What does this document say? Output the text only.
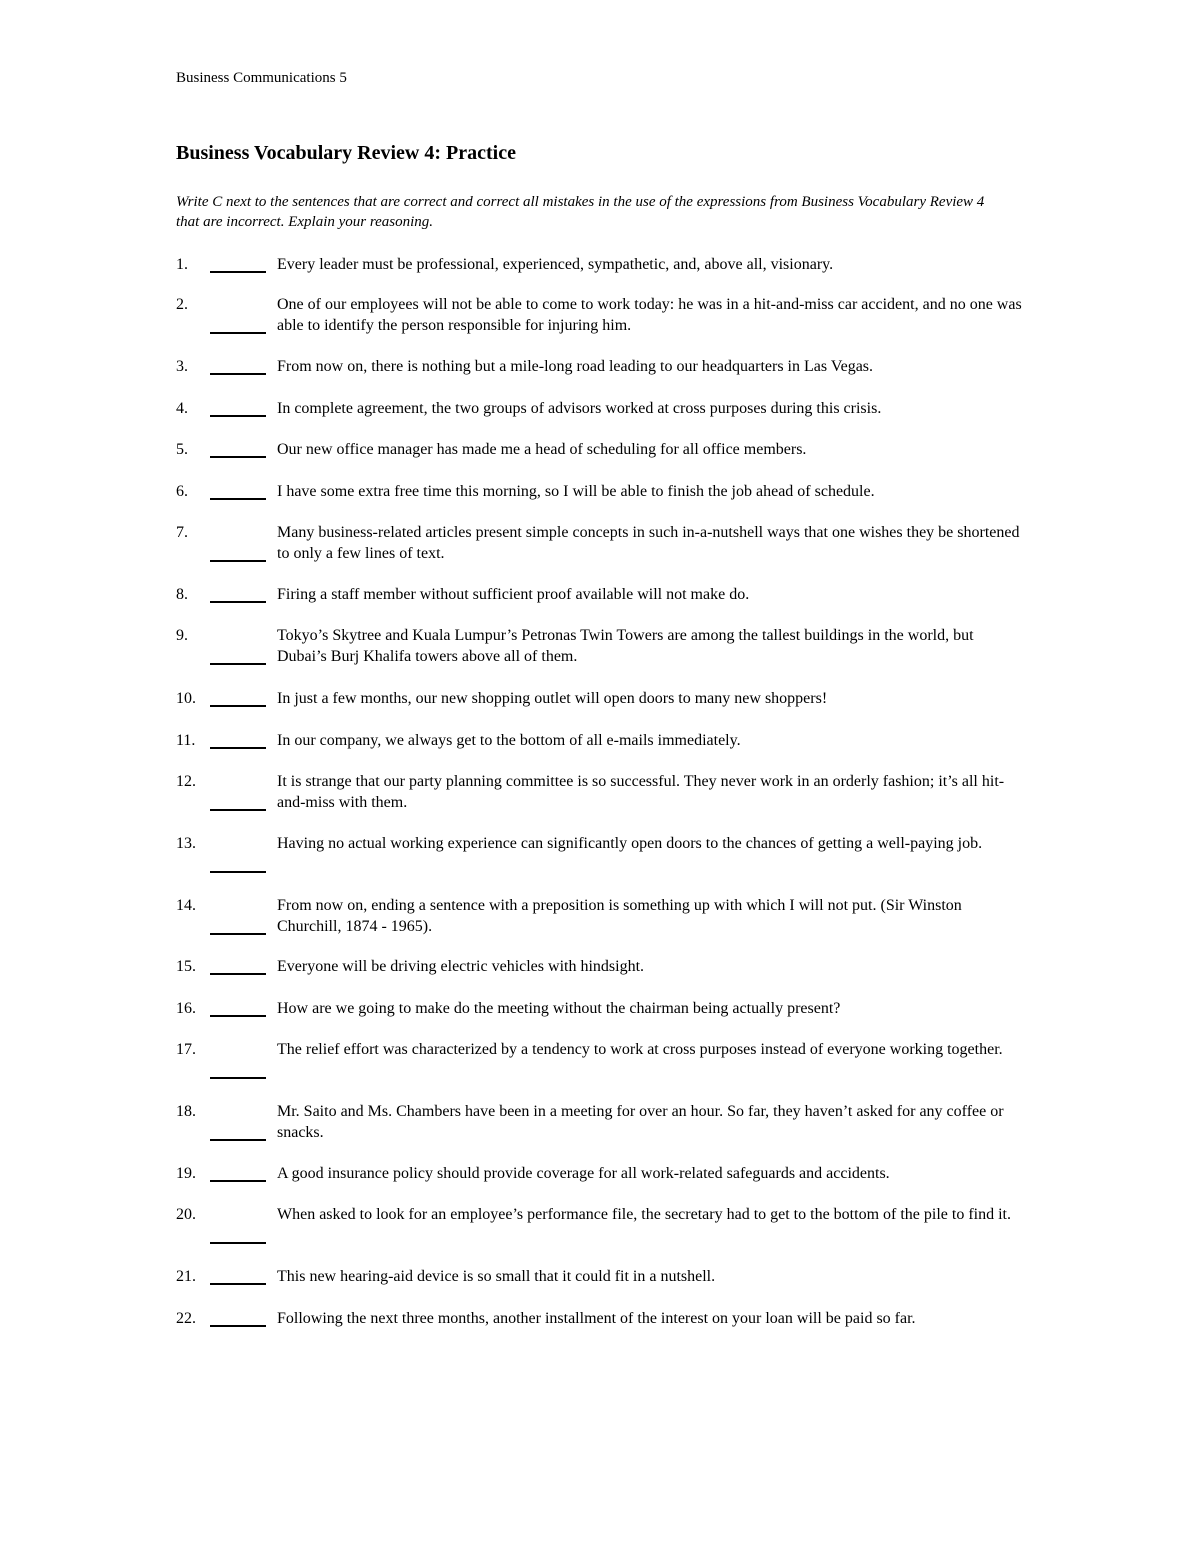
Business Communications 5
Business Vocabulary Review 4: Practice
Write C next to the sentences that are correct and correct all mistakes in the use of the expressions from Business Vocabulary Review 4 that are incorrect. Explain your reasoning.
1.	Every leader must be professional, experienced, sympathetic, and, above all, visionary.
2.	One of our employees will not be able to come to work today: he was in a hit-and-miss car accident, and no one was able to identify the person responsible for injuring him.
3.	From now on, there is nothing but a mile-long road leading to our headquarters in Las Vegas.
4.	In complete agreement, the two groups of advisors worked at cross purposes during this crisis.
5.	Our new office manager has made me a head of scheduling for all office members.
6.	I have some extra free time this morning, so I will be able to finish the job ahead of schedule.
7.	Many business-related articles present simple concepts in such in-a-nutshell ways that one wishes they be shortened to only a few lines of text.
8.	Firing a staff member without sufficient proof available will not make do.
9.	Tokyo’s Skytree and Kuala Lumpur’s Petronas Twin Towers are among the tallest buildings in the world, but Dubai’s Burj Khalifa towers above all of them.
10.	In just a few months, our new shopping outlet will open doors to many new shoppers!
11.	In our company, we always get to the bottom of all e-mails immediately.
12.	It is strange that our party planning committee is so successful. They never work in an orderly fashion; it’s all hit-and-miss with them.
13.	Having no actual working experience can significantly open doors to the chances of getting a well-paying job.
14.	From now on, ending a sentence with a preposition is something up with which I will not put. (Sir Winston Churchill, 1874 - 1965).
15.	Everyone will be driving electric vehicles with hindsight.
16.	How are we going to make do the meeting without the chairman being actually present?
17.	The relief effort was characterized by a tendency to work at cross purposes instead of everyone working together.
18.	Mr. Saito and Ms. Chambers have been in a meeting for over an hour. So far, they haven’t asked for any coffee or snacks.
19.	A good insurance policy should provide coverage for all work-related safeguards and accidents.
20.	When asked to look for an employee’s performance file, the secretary had to get to the bottom of the pile to find it.
21.	This new hearing-aid device is so small that it could fit in a nutshell.
22.	Following the next three months, another installment of the interest on your loan will be paid so far.
